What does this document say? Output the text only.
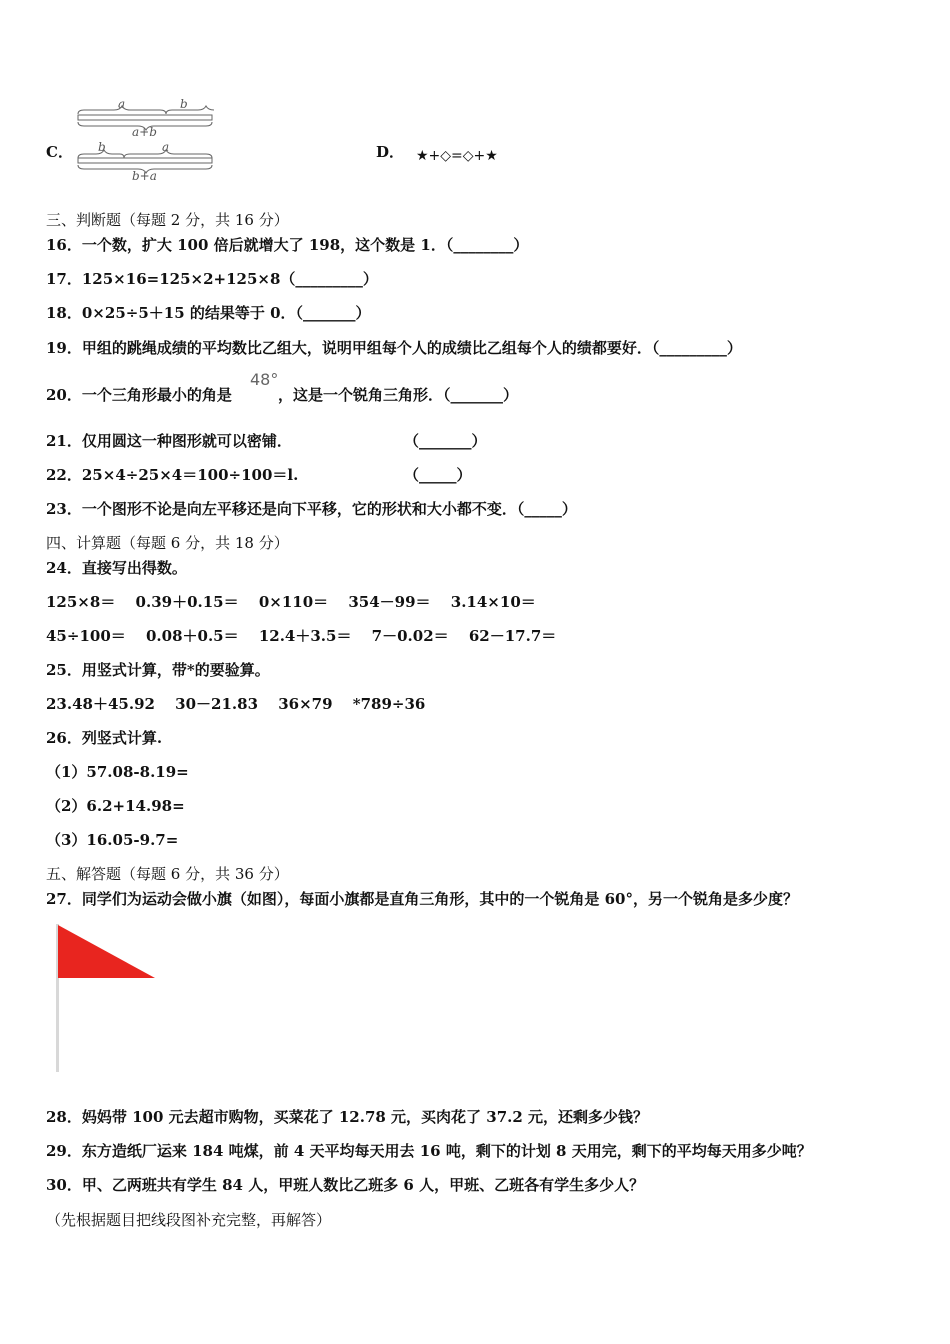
C．
a	b
a+b
b	a
b+a
D． ★+◇=◇+★
三、判断题（每题 2 分，共 16 分）
16．一个数，扩大 100 倍后就增大了 198，这个数是 1．（________）
17．125×16=125×2+125×8（_________）
18．0×25÷5＋15 的结果等于 0．（_______）
19．甲组的跳绳成绩的平均数比乙组大，说明甲组每个人的成绩比乙组每个人的绩都要好．（_________）
20．一个三角形最小的角是
48°
，这是一个锐角三角形．（_______）
21．仅用圆这一种图形就可以密铺．	（_______）
22．25×4÷25×4＝100÷100＝l.	（_____）
23．一个图形不论是向左平移还是向下平移，它的形状和大小都不变．（_____）
四、计算题（每题 6 分，共 18 分）
24．直接写出得数。
125×8＝　 0.39＋0.15＝　 0×110＝　 354－99＝　 3.14×10＝
45÷100＝　 0.08＋0.5＝　 12.4＋3.5＝　 7－0.02＝　 62－17.7＝
25．用竖式计算，带*的要验算。
23.48＋45.92　 30－21.83　 36×79　 *789÷36
26．列竖式计算.
（1）57.08-8.19=
（2）6.2+14.98=
（3）16.05-9.7=
五、解答题（每题 6 分，共 36 分）
27．同学们为运动会做小旗（如图），每面小旗都是直角三角形，其中的一个锐角是 60°，另一个锐角是多少度？
28．妈妈带 100 元去超市购物，买菜花了 12.78 元，买肉花了 37.2 元，还剩多少钱？
29．东方造纸厂运来 184 吨煤，前 4 天平均每天用去 16 吨，剩下的计划 8 天用完，剩下的平均每天用多少吨？
30．甲、乙两班共有学生 84 人，甲班人数比乙班多 6 人，甲班、乙班各有学生多少人？
（先根据题目把线段图补充完整，再解答）
